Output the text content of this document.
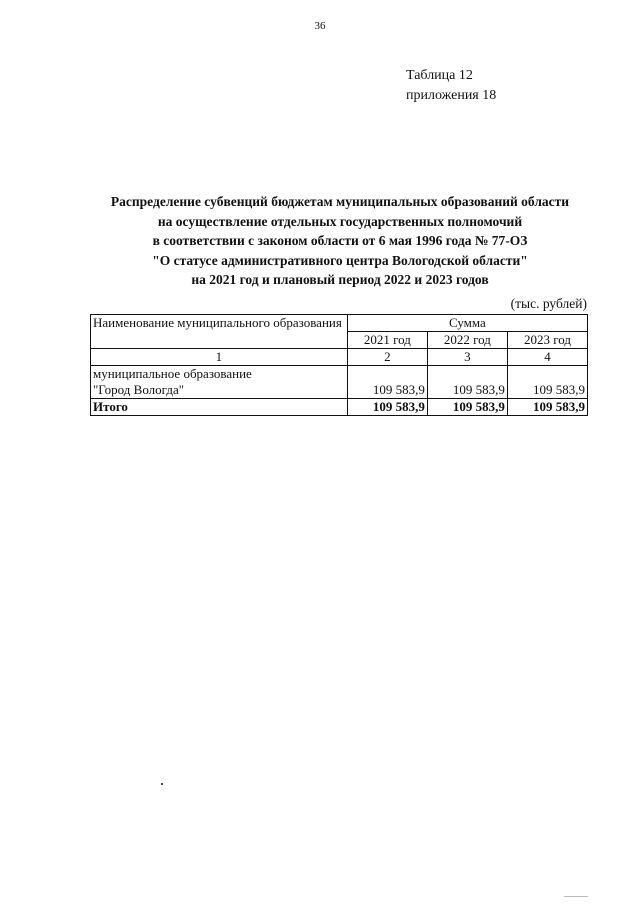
36
Таблица 12
приложения 18
Распределение субвенций бюджетам муниципальных образований области
на осуществление отдельных государственных полномочий
в соответствии с законом области от 6 мая 1996 года № 77-ОЗ
"О статусе административного центра Вологодской области"
на 2021 год и плановый период 2022 и 2023 годов
(тыс. рублей)
Наименование муниципального образования	Сумма		
	2021 год	2022 год	2023 год
1	2	3	4

муниципальное образование
"Город Вологда"	109 583,9	109 583,9	109 583,9
Итого	109 583,9	109 583,9	109 583,9
